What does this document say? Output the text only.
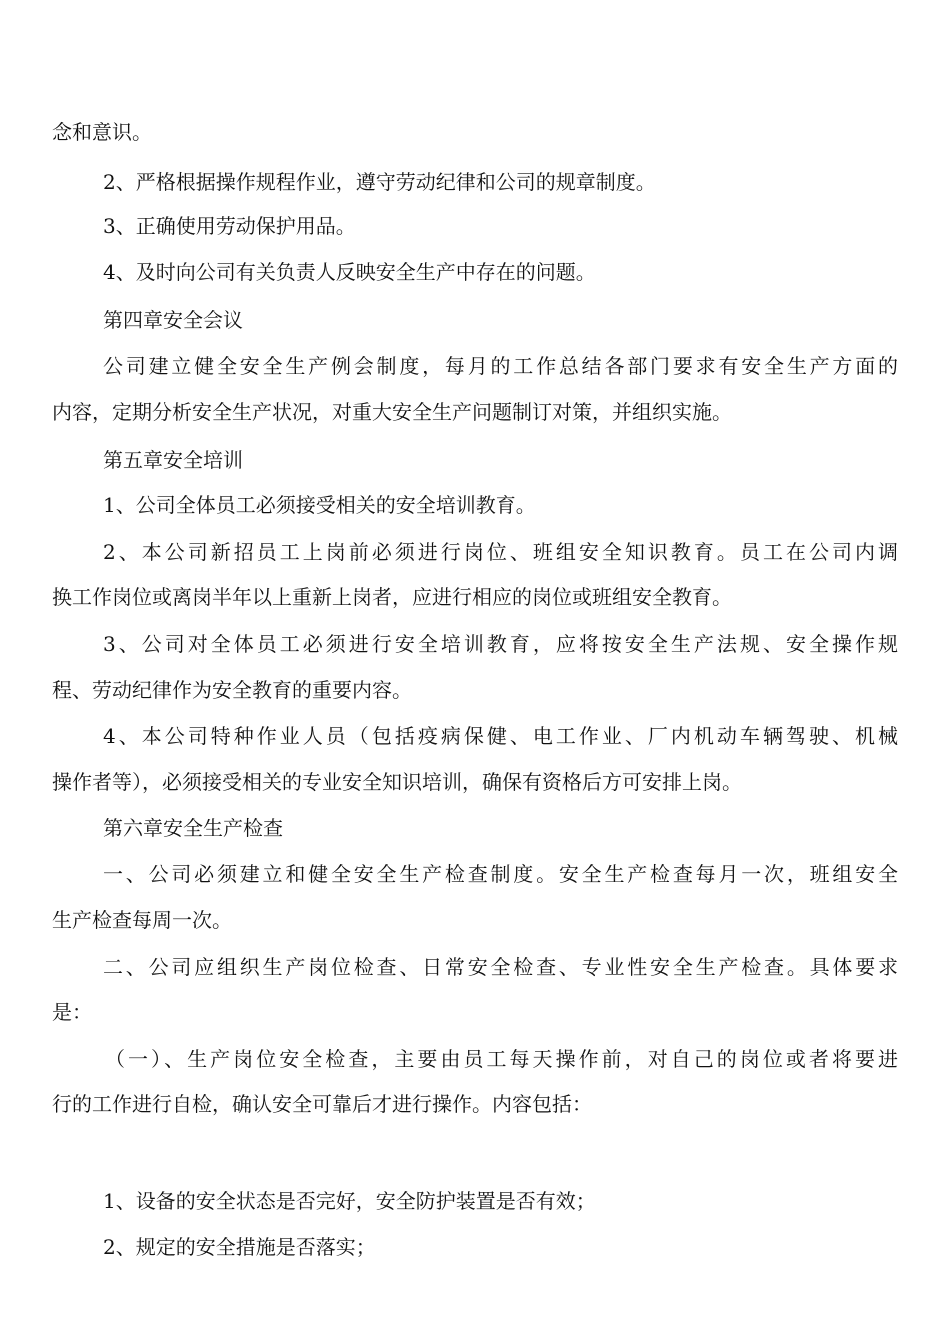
念和意识。
2、严格根据操作规程作业，遵守劳动纪律和公司的规章制度。
3、正确使用劳动保护用品。
4、及时向公司有关负责人反映安全生产中存在的问题。
第四章安全会议
公司建立健全安全生产例会制度，每月的工作总结各部门要求有安全生产方面的
内容，定期分析安全生产状况，对重大安全生产问题制订对策，并组织实施。
第五章安全培训
1、公司全体员工必须接受相关的安全培训教育。
2、本公司新招员工上岗前必须进行岗位、班组安全知识教育。员工在公司内调
换工作岗位或离岗半年以上重新上岗者，应进行相应的岗位或班组安全教育。
3、公司对全体员工必须进行安全培训教育，应将按安全生产法规、安全操作规
程、劳动纪律作为安全教育的重要内容。
4、本公司特种作业人员（包括疫病保健、电工作业、厂内机动车辆驾驶、机械
操作者等），必须接受相关的专业安全知识培训，确保有资格后方可安排上岗。
第六章安全生产检查
一、公司必须建立和健全安全生产检查制度。安全生产检查每月一次，班组安全
生产检查每周一次。
二、公司应组织生产岗位检查、日常安全检查、专业性安全生产检查。具体要求
是：
（一）、生产岗位安全检查，主要由员工每天操作前，对自己的岗位或者将要进
行的工作进行自检，确认安全可靠后才进行操作。内容包括：
1、设备的安全状态是否完好，安全防护装置是否有效；
2、规定的安全措施是否落实；
